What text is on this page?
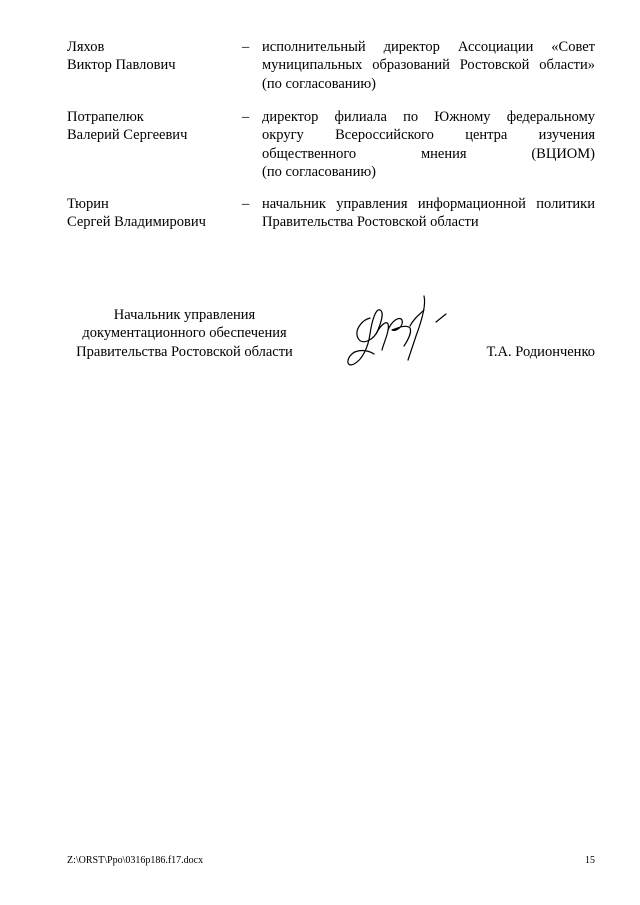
Ляхов
Виктор Павлович
– исполнительный директор Ассоциации «Совет
муниципальных образований Ростовской области»
(по согласованию)
Потрапелюк
Валерий Сергеевич
– директор филиала по Южному федеральному
округу Всероссийского центра изучения
общественного мнения (ВЦИОМ)
(по согласованию)
Тюрин
Сергей Владимирович
– начальник управления информационной политики
Правительства Ростовской области
Начальник управления
документационного обеспечения
Правительства Ростовской области	Т.А. Родионченко
Z:\ORST\Ppo\0316p186.f17.docx	15
